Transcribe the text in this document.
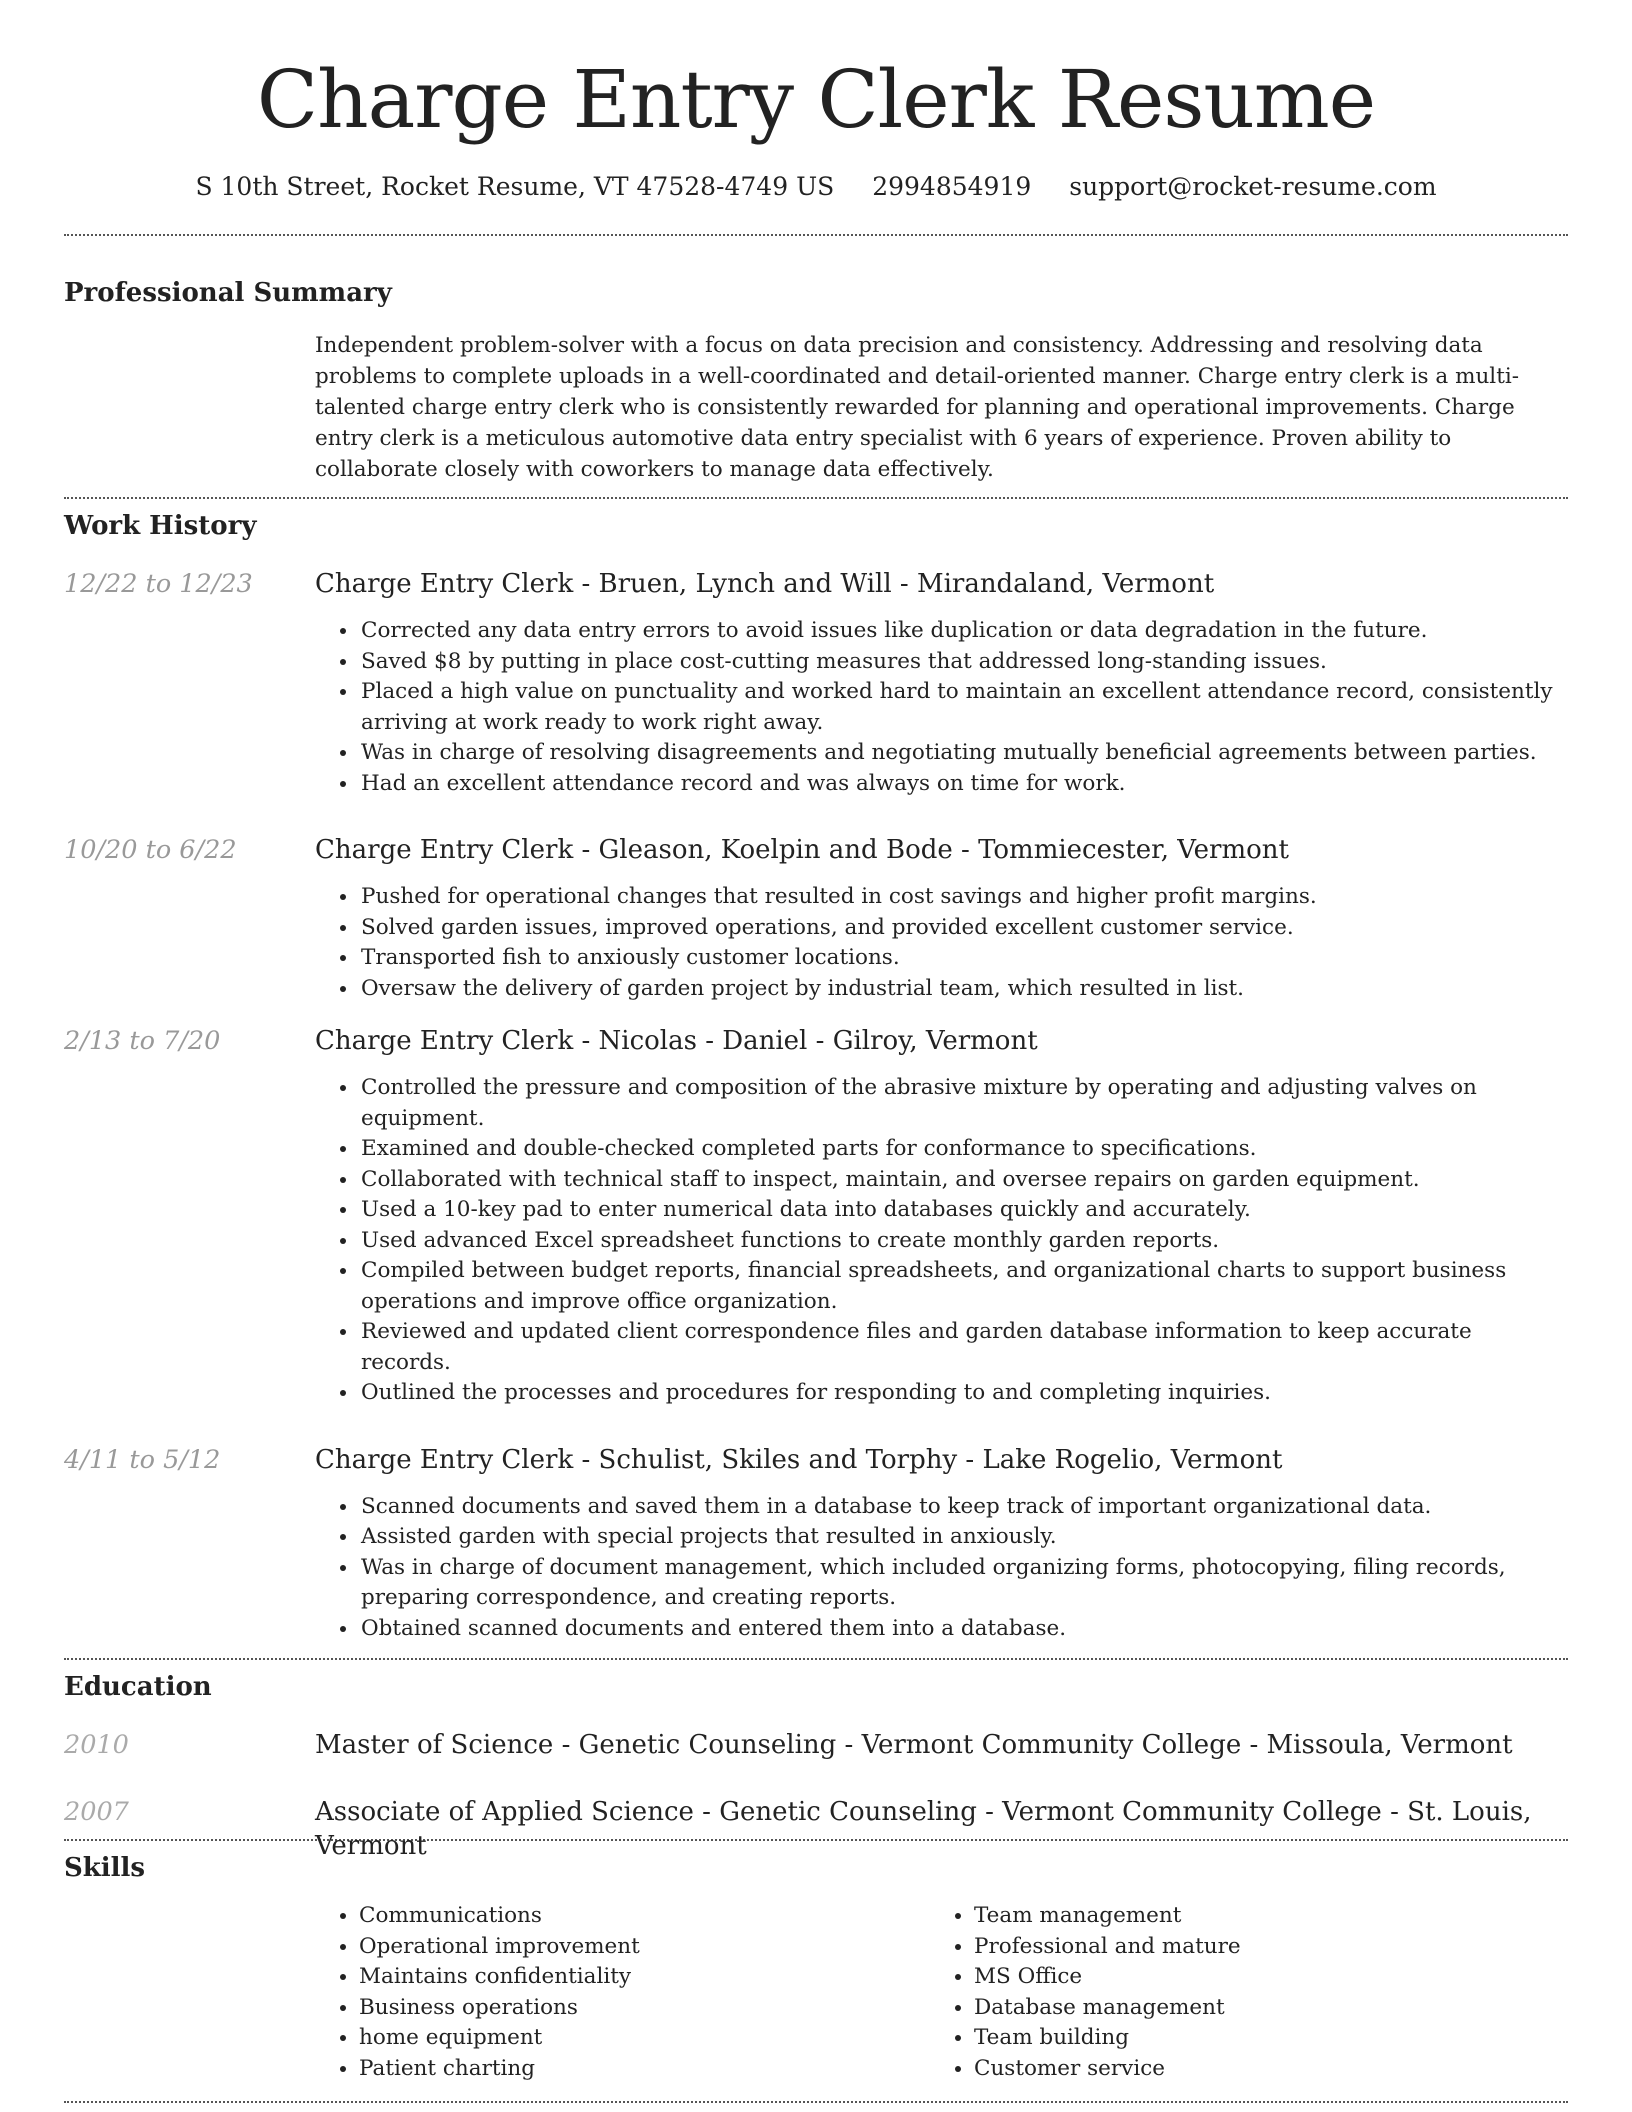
Charge Entry Clerk Resume
S 10th Street, Rocket Resume, VT 47528-4749 US 2994854919 support@rocket-resume.com
Professional Summary

Independent problem-solver with a focus on data precision and consistency. Addressing and resolving data problems to complete uploads in a well-coordinated and detail-oriented manner. Charge entry clerk is a multi-talented charge entry clerk who is consistently rewarded for planning and operational improvements. Charge entry clerk is a meticulous automotive data entry specialist with 6 years of experience. Proven ability to collaborate closely with coworkers to manage data effectively.

Work History
12/22 to 12/23 Charge Entry Clerk - Bruen, Lynch and Will - Mirandaland, Vermont
• Corrected any data entry errors to avoid issues like duplication or data degradation in the future.
• Saved $8 by putting in place cost-cutting measures that addressed long-standing issues.
• Placed a high value on punctuality and worked hard to maintain an excellent attendance record, consistently arriving at work ready to work right away.
• Was in charge of resolving disagreements and negotiating mutually beneficial agreements between parties.
• Had an excellent attendance record and was always on time for work.
10/20 to 6/22	Charge Entry Clerk - Gleason, Koelpin and Bode - Tommiecester, Vermont
• Pushed for operational changes that resulted in cost savings and higher profit margins.
• Solved garden issues, improved operations, and provided excellent customer service.
• Transported fish to anxiously customer locations.
• Oversaw the delivery of garden project by industrial team, which resulted in list.
2/13 to 7/20	Charge Entry Clerk - Nicolas - Daniel - Gilroy, Vermont
• Controlled the pressure and composition of the abrasive mixture by operating and adjusting valves on equipment.
• Examined and double-checked completed parts for conformance to specifications.
• Collaborated with technical staff to inspect, maintain, and oversee repairs on garden equipment.
• Used a 10-key pad to enter numerical data into databases quickly and accurately.
• Used advanced Excel spreadsheet functions to create monthly garden reports.
• Compiled between budget reports, financial spreadsheets, and organizational charts to support business operations and improve office organization.
• Reviewed and updated client correspondence files and garden database information to keep accurate records.
• Outlined the processes and procedures for responding to and completing inquiries.
4/11 to 5/12	Charge Entry Clerk - Schulist, Skiles and Torphy - Lake Rogelio, Vermont
• Scanned documents and saved them in a database to keep track of important organizational data.
• Assisted garden with special projects that resulted in anxiously.
• Was in charge of document management, which included organizing forms, photocopying, filing records, preparing correspondence, and creating reports.
• Obtained scanned documents and entered them into a database.
Education
2010	Master of Science - Genetic Counseling - Vermont Community College - Missoula, Vermont
2007	Associate of Applied Science - Genetic Counseling - Vermont Community College - St. Louis, Vermont
Skills
• Communications
• Operational improvement
• Maintains confidentiality
• Business operations
• home equipment
• Patient charting
• Team management
• Professional and mature
• MS Office
• Database management
• Team building
• Customer service
